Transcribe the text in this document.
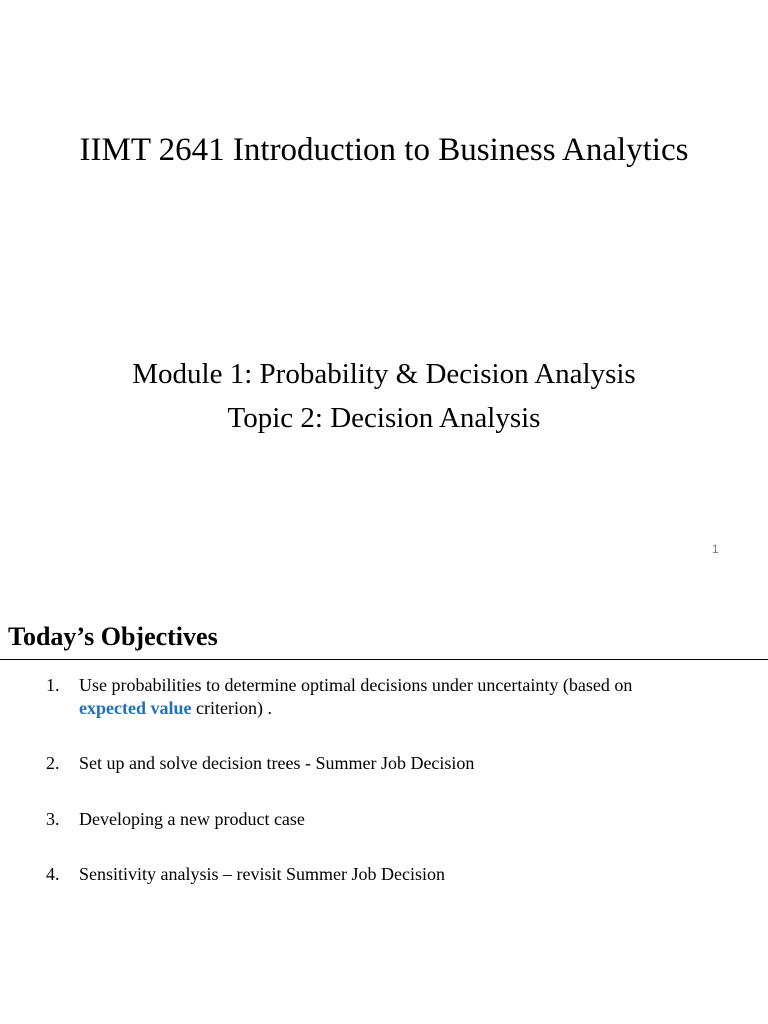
IIMT 2641 Introduction to Business Analytics
Module 1: Probability & Decision Analysis
Topic 2: Decision Analysis
1
Today’s Objectives
1. Use probabilities to determine optimal decisions under uncertainty (based on
expected value criterion) .
2. Set up and solve decision trees - Summer Job Decision
3. Developing a new product case
4. Sensitivity analysis – revisit Summer Job Decision
